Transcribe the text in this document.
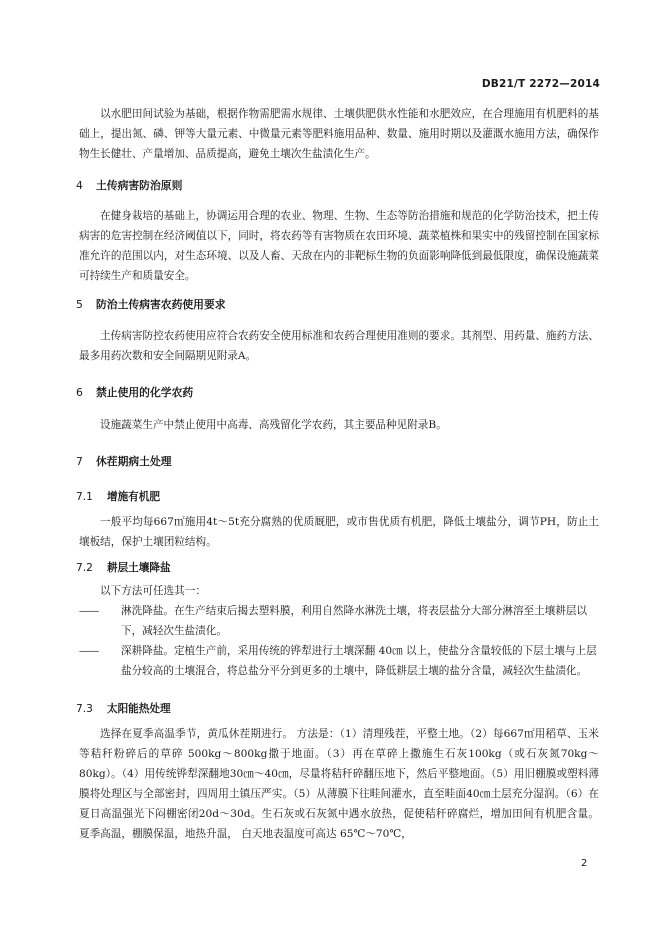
DB21/T 2272—2014

以水肥田间试验为基础，根据作物需肥需水规律、土壤供肥供水性能和水肥效应，在合理施用有机肥料的基础上，提出氮、磷、钾等大量元素、中微量元素等肥料施用品种、数量、施用时期以及灌溉水施用方法，确保作物生长健壮、产量增加、品质提高，避免土壤次生盐渍化生产。

4 土传病害防治原则

在健身栽培的基础上，协调运用合理的农业、物理、生物、生态等防治措施和规范的化学防治技术，把土传病害的危害控制在经济阈值以下，同时，将农药等有害物质在农田环境、蔬菜植株和果实中的残留控制在国家标准允许的范围以内，对生态环境、以及人畜、天敌在内的非靶标生物的负面影响降低到最低限度，确保设施蔬菜可持续生产和质量安全。

5 防治土传病害农药使用要求

土传病害防控农药使用应符合农药安全使用标准和农药合理使用准则的要求。其剂型、用药量、施药方法、最多用药次数和安全间隔期见附录A。

6 禁止使用的化学农药

设施蔬菜生产中禁止使用中高毒、高残留化学农药，其主要品种见附录B。

7 休茬期病土处理
7.1 增施有机肥

一般平均每667㎡施用4t～5t充分腐熟的优质厩肥，或市售优质有机肥，降低土壤盐分，调节PH，防止土壤板结，保护土壤团粒结构。

7.2 耕层土壤降盐

以下方法可任选其一：

—— 淋洗降盐。在生产结束后揭去塑料膜，利用自然降水淋洗土壤，将表层盐分大部分淋溶至土壤耕层以下，减轻次生盐渍化。

—— 深耕降盐。定植生产前，采用传统的铧犁进行土壤深翻 40㎝ 以上，使盐分含量较低的下层土壤与上层盐分较高的土壤混合，将总盐分平分到更多的土壤中，降低耕层土壤的盐分含量，减轻次生盐渍化。

7.3 太阳能热处理

选择在夏季高温季节，黄瓜休茬期进行。 方法是：（1）清理残茬，平整土地。（2）每667㎡用稻草、玉米等秸秆粉碎后的草碎 500kg～800kg撒于地面。（3）再在草碎上撒施生石灰100kg（或石灰氮70kg～80kg）。（4）用传统铧犁深翻地30㎝～40㎝，尽量将秸秆碎翻压地下，然后平整地面。（5）用旧棚膜或塑料薄膜将处理区与全部密封，四周用土镇压严实。（5）从薄膜下往畦间灌水，直至畦面40㎝土层充分湿润。（6）在夏日高温强光下闷棚密闭20d～30d。生石灰或石灰氮中遇水放热，促使秸秆碎腐烂，增加田间有机肥含量。 夏季高温，棚膜保温，地热升温， 白天地表温度可高达 65℃～70℃，

2
